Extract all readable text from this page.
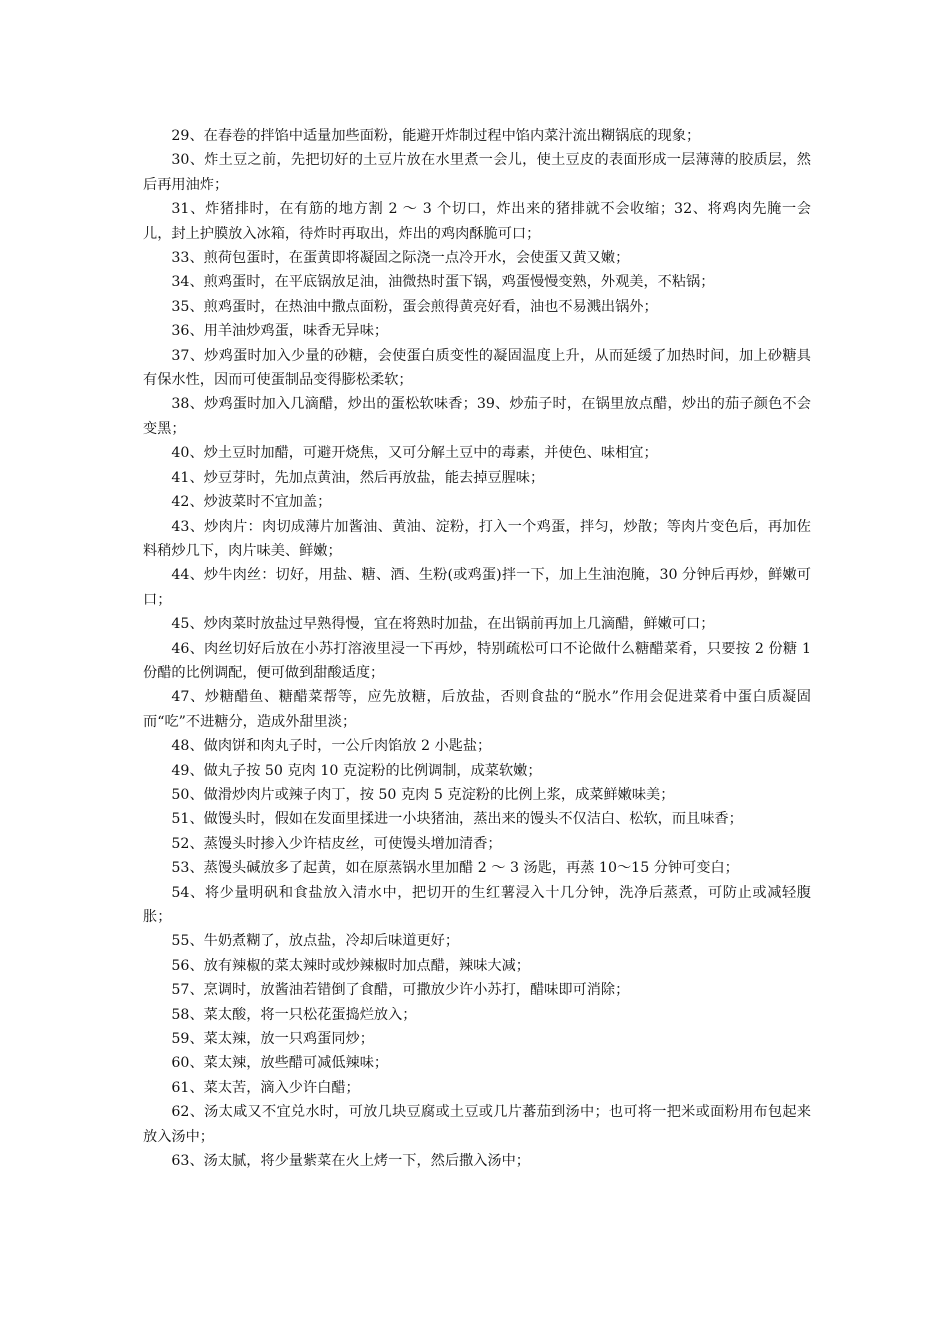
29、在春卷的拌馅中适量加些面粉，能避开炸制过程中馅内菜汁流出糊锅底的现象；

30、炸土豆之前，先把切好的土豆片放在水里煮一会儿，使土豆皮的表面形成一层薄薄的胶质层，然后再用油炸；

31、炸猪排时，在有筋的地方割 2 ～ 3 个切口，炸出来的猪排就不会收缩；32、将鸡肉先腌一会儿，封上护膜放入冰箱，待炸时再取出，炸出的鸡肉酥脆可口；

33、煎荷包蛋时，在蛋黄即将凝固之际浇一点冷开水，会使蛋又黄又嫩；

34、煎鸡蛋时，在平底锅放足油，油微热时蛋下锅，鸡蛋慢慢变熟，外观美，不粘锅；

35、煎鸡蛋时，在热油中撒点面粉，蛋会煎得黄亮好看，油也不易溅出锅外；

36、用羊油炒鸡蛋，味香无异味；

37、炒鸡蛋时加入少量的砂糖，会使蛋白质变性的凝固温度上升，从而延缓了加热时间，加上砂糖具有保水性，因而可使蛋制品变得膨松柔软；

38、炒鸡蛋时加入几滴醋，炒出的蛋松软味香；39、炒茄子时，在锅里放点醋，炒出的茄子颜色不会变黑；

40、炒土豆时加醋，可避开烧焦，又可分解土豆中的毒素，并使色、味相宜；

41、炒豆芽时，先加点黄油，然后再放盐，能去掉豆腥味；

42、炒波菜时不宜加盖；

43、炒肉片：肉切成薄片加酱油、黄油、淀粉，打入一个鸡蛋，拌匀，炒散；等肉片变色后，再加佐料稍炒几下，肉片味美、鲜嫩；

44、炒牛肉丝：切好，用盐、糖、酒、生粉(或鸡蛋)拌一下，加上生油泡腌，30 分钟后再炒，鲜嫩可口；

45、炒肉菜时放盐过早熟得慢，宜在将熟时加盐，在出锅前再加上几滴醋，鲜嫩可口；

46、肉丝切好后放在小苏打溶液里浸一下再炒，特别疏松可口不论做什么糖醋菜肴，只要按 2 份糖 1 份醋的比例调配，便可做到甜酸适度；

47、炒糖醋鱼、糖醋菜帮等，应先放糖，后放盐，否则食盐的“脱水”作用会促进菜肴中蛋白质凝固而“吃”不进糖分，造成外甜里淡；

48、做肉饼和肉丸子时，一公斤肉馅放 2 小匙盐；

49、做丸子按 50 克肉 10 克淀粉的比例调制，成菜软嫩；

50、做滑炒肉片或辣子肉丁，按 50 克肉 5 克淀粉的比例上浆，成菜鲜嫩味美；

51、做馒头时，假如在发面里揉进一小块猪油，蒸出来的馒头不仅洁白、松软，而且味香；

52、蒸馒头时掺入少许桔皮丝，可使馒头增加清香；

53、蒸馒头碱放多了起黄，如在原蒸锅水里加醋 2 ～ 3 汤匙，再蒸 10～15 分钟可变白；

54、将少量明矾和食盐放入清水中，把切开的生红薯浸入十几分钟，洗净后蒸煮，可防止或减轻腹胀；

55、牛奶煮糊了，放点盐，冷却后味道更好；

56、放有辣椒的菜太辣时或炒辣椒时加点醋，辣味大减；

57、烹调时，放酱油若错倒了食醋，可撒放少许小苏打，醋味即可消除；

58、菜太酸，将一只松花蛋捣烂放入；

59、菜太辣，放一只鸡蛋同炒；

60、菜太辣，放些醋可减低辣味；

61、菜太苦，滴入少许白醋；

62、汤太咸又不宜兑水时，可放几块豆腐或土豆或几片蕃茄到汤中；也可将一把米或面粉用布包起来放入汤中；

63、汤太腻，将少量紫菜在火上烤一下，然后撒入汤中；
